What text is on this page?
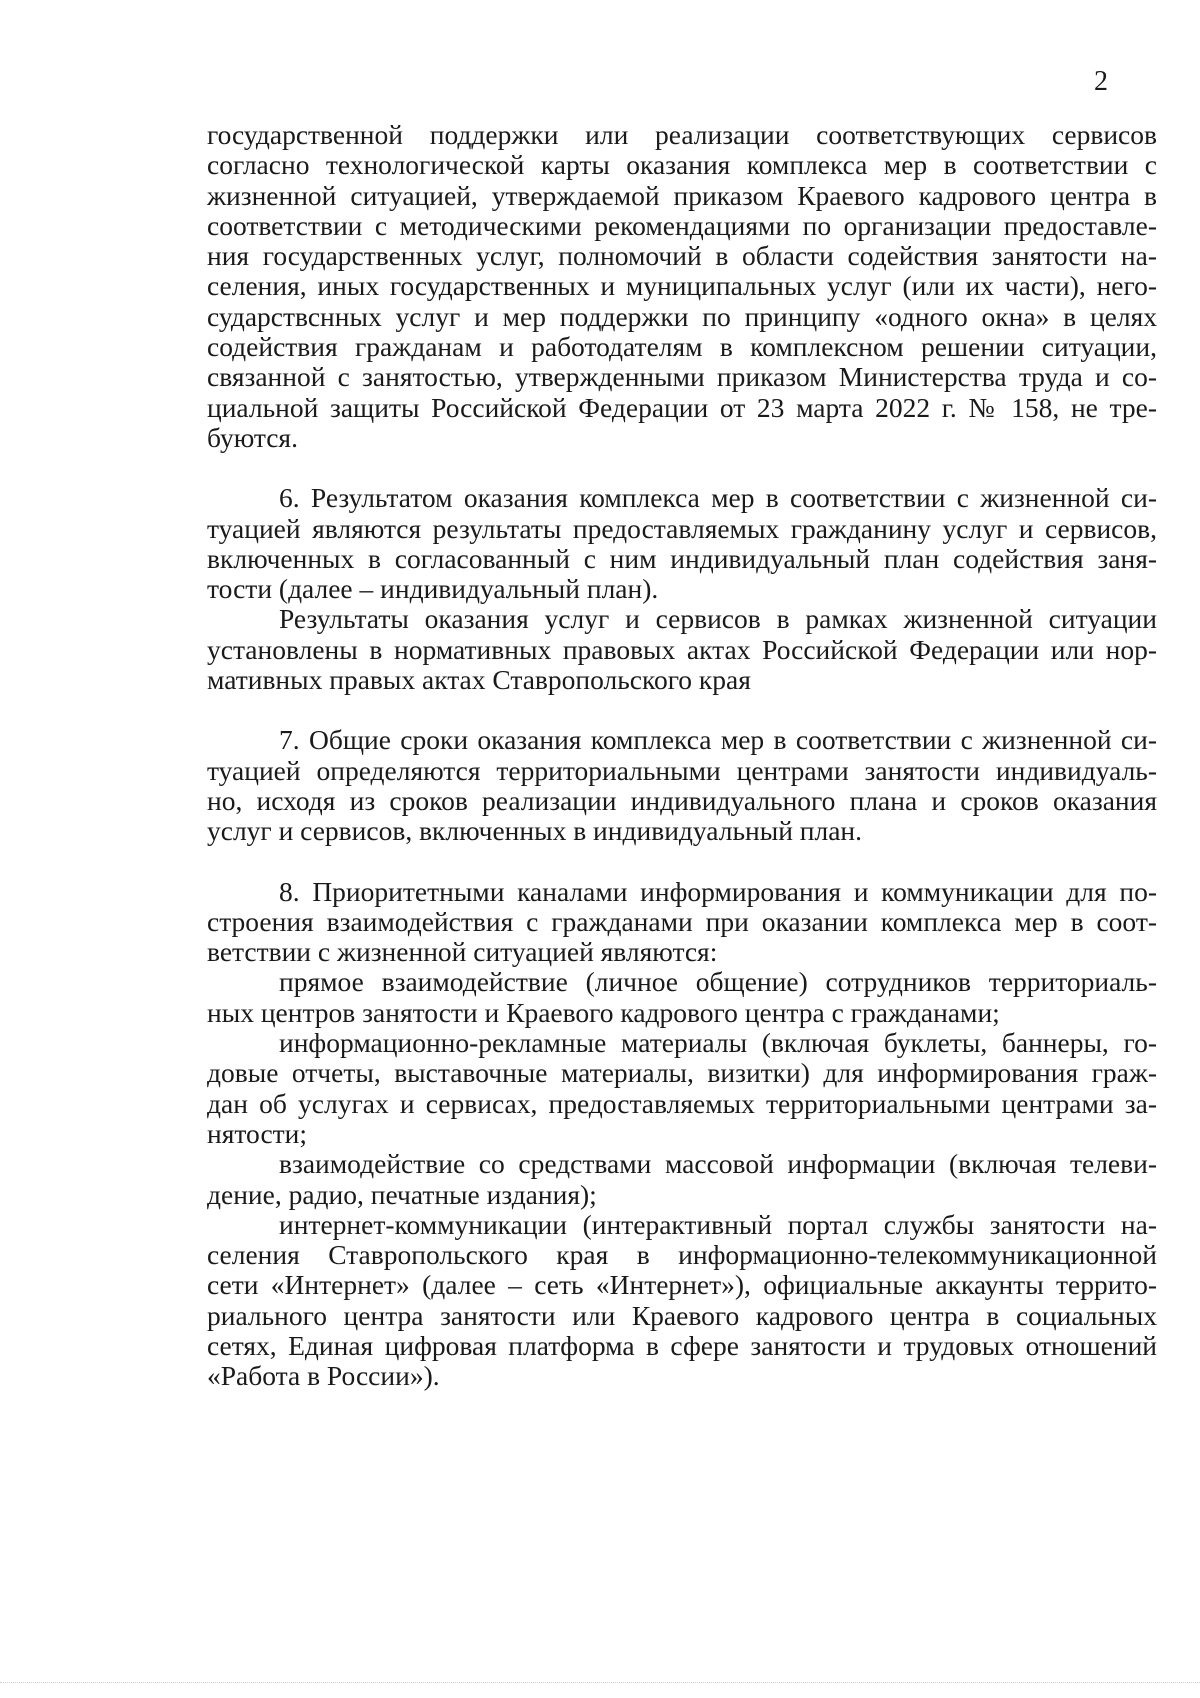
2
государственной поддержки или реализации соответствующих сервисов
согласно технологической карты оказания комплекса мер в соответствии с
жизненной ситуацией, утверждаемой приказом Краевого кадрового центра в
соответствии с методическими рекомендациями по организации предоставле-
ния государственных услуг, полномочий в области содействия занятости на-
селения, иных государственных и муниципальных услуг (или их части), него-
сударствснных услуг и мер поддержки по принципу «одного окна» в целях
содействия гражданам и работодателям в комплексном решении ситуации,
связанной с занятостью, утвержденными приказом Министерства труда и со-
циальной защиты Российской Федерации от 23 марта 2022 г. № 158, не тре-
буются.
6. Результатом оказания комплекса мер в соответствии с жизненной си-
туацией являются результаты предоставляемых гражданину услуг и сервисов,
включенных в согласованный с ним индивидуальный план содействия заня-
тости (далее – индивидуальный план).
Результаты оказания услуг и сервисов в рамках жизненной ситуации
установлены в нормативных правовых актах Российской Федерации или нор-
мативных правых актах Ставропольского края
7. Общие сроки оказания комплекса мер в соответствии с жизненной си-
туацией определяются территориальными центрами занятости индивидуаль-
но, исходя из сроков реализации индивидуального плана и сроков оказания
услуг и сервисов, включенных в индивидуальный план.
8. Приоритетными каналами информирования и коммуникации для по-
строения взаимодействия с гражданами при оказании комплекса мер в соот-
ветствии с жизненной ситуацией являются:
прямое взаимодействие (личное общение) сотрудников территориаль-
ных центров занятости и Краевого кадрового центра с гражданами;
информационно-рекламные материалы (включая буклеты, баннеры, го-
довые отчеты, выставочные материалы, визитки) для информирования граж-
дан об услугах и сервисах, предоставляемых территориальными центрами за-
нятости;
взаимодействие со средствами массовой информации (включая телеви-
дение, радио, печатные издания);
интернет-коммуникации (интерактивный портал службы занятости на-
селения Ставропольского края в информационно-телекоммуникационной
сети «Интернет» (далее – сеть «Интернет»), официальные аккаунты террито-
риального центра занятости или Краевого кадрового центра в социальных
сетях, Единая цифровая платформа в сфере занятости и трудовых отношений
«Работа в России»).
